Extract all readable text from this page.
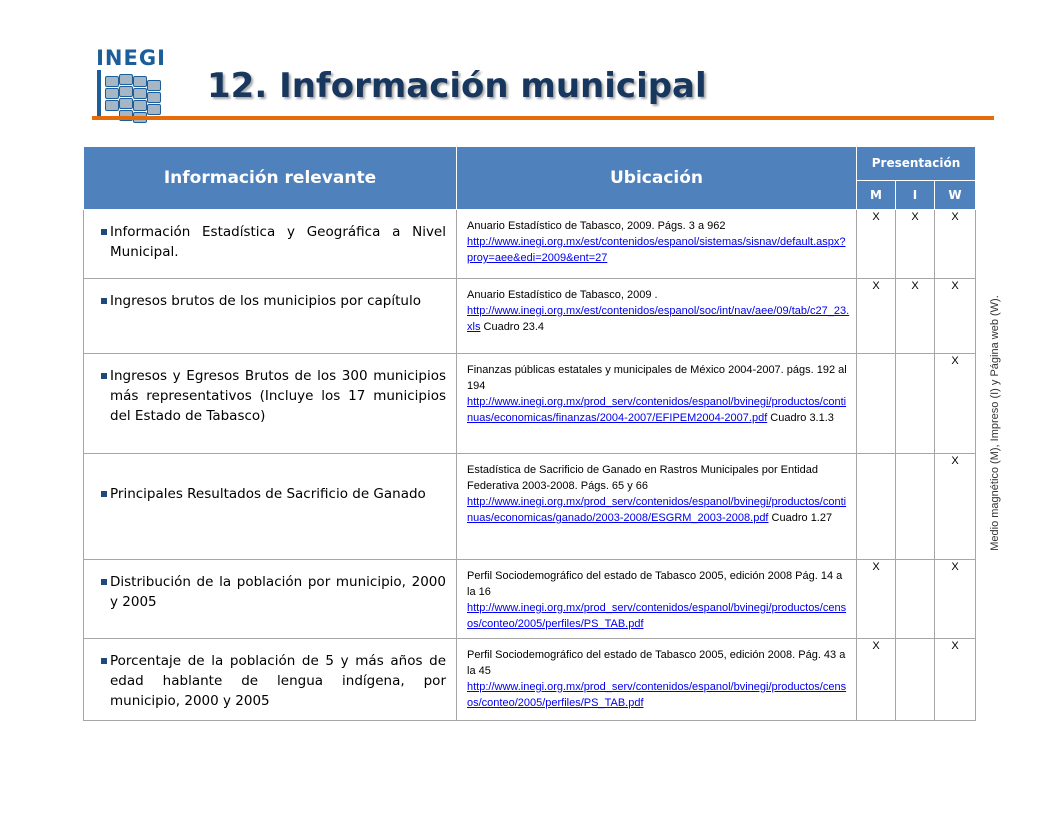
INEGI
12. Información municipal
Medio magnético (M), Impreso (I) y Página web (W).
Información relevante	Ubicación	Presentación		
		M	I	W

Información Estadística y Geográfica a Nivel Municipal.	Anuario Estadístico de Tabasco, 2009. Págs. 3 a 962
http://www.inegi.org.mx/est/contenidos/espanol/sistemas/sisnav/default.aspx?proy=aee&edi=2009&ent=27	X	X	X

Ingresos brutos de los municipios por capítulo	Anuario Estadístico de Tabasco, 2009 .
http://www.inegi.org.mx/est/contenidos/espanol/soc/int/nav/aee/09/tab/c27_23.xls Cuadro 23.4	X	X	X

Ingresos y Egresos Brutos de los 300 municipios más representativos (Incluye los 17 municipios del Estado de Tabasco)	Finanzas públicas estatales y municipales de México 2004-2007. págs. 192 al 194
http://www.inegi.org.mx/prod_serv/contenidos/espanol/bvinegi/productos/continuas/economicas/finanzas/2004-2007/EFIPEM2004-2007.pdf Cuadro 3.1.3			X

Principales Resultados de Sacrificio de Ganado	Estadística de Sacrificio de Ganado en Rastros Municipales por Entidad Federativa 2003-2008. Págs. 65 y 66
http://www.inegi.org.mx/prod_serv/contenidos/espanol/bvinegi/productos/continuas/economicas/ganado/2003-2008/ESGRM_2003-2008.pdf Cuadro 1.27			X

Distribución de la población por municipio, 2000 y 2005	Perfil Sociodemográfico del estado de Tabasco 2005, edición 2008 Pág. 14 a la 16
http://www.inegi.org.mx/prod_serv/contenidos/espanol/bvinegi/productos/censos/conteo/2005/perfiles/PS_TAB.pdf	X		X

Porcentaje de la población de 5 y más años de edad hablante de lengua indígena, por municipio, 2000 y 2005	Perfil Sociodemográfico del estado de Tabasco 2005, edición 2008. Pág. 43 a la 45
http://www.inegi.org.mx/prod_serv/contenidos/espanol/bvinegi/productos/censos/conteo/2005/perfiles/PS_TAB.pdf	X		X
